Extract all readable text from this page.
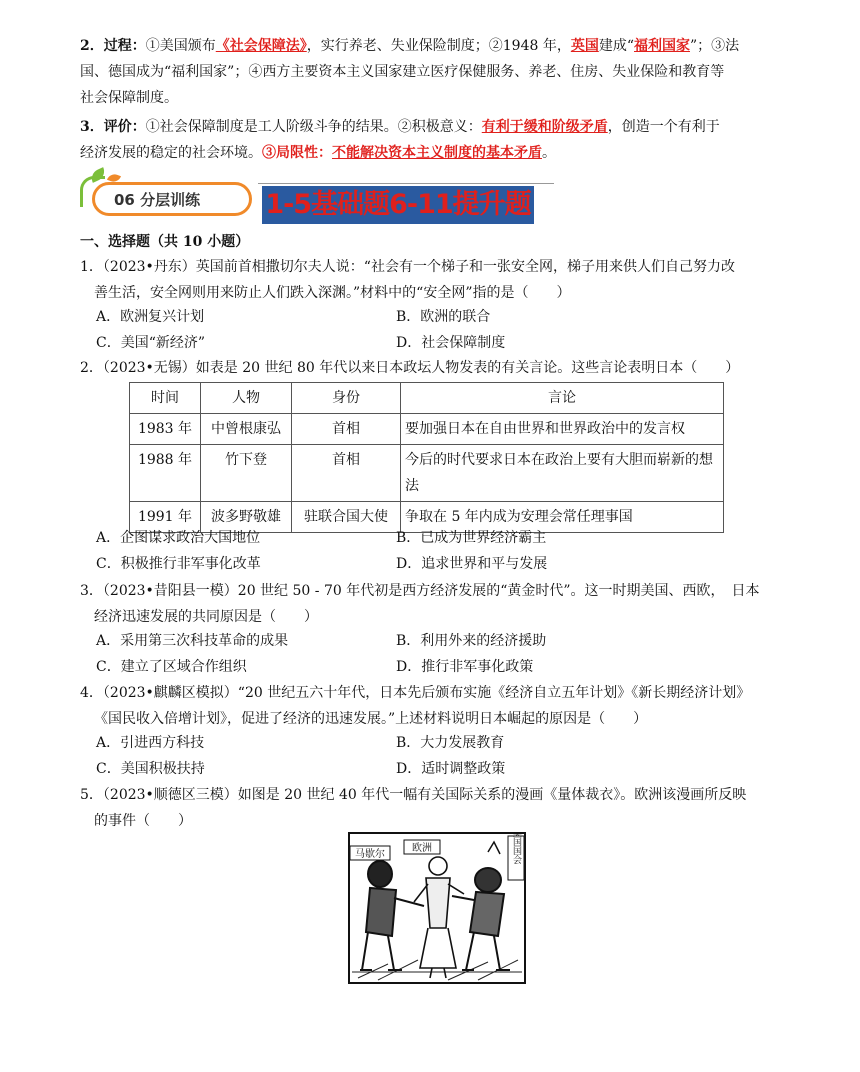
2．过程：①美国颁布《社会保障法》，实行养老、失业保险制度；②1948 年，英国建成“福利国家”；③法
国、德国成为“福利国家”；④西方主要资本主义国家建立医疗保健服务、养老、住房、失业保险和教育等
社会保障制度。
3．评价：①社会保障制度是工人阶级斗争的结果。②积极意义：有利于缓和阶级矛盾，创造一个有利于
经济发展的稳定的社会环境。③局限性：不能解决资本主义制度的基本矛盾。
06 分层训练 1-5基础题6-11提升题
一、选择题（共 10 小题）
1．（2023•丹东）英国前首相撒切尔夫人说：“社会有一个梯子和一张安全网，梯子用来供人们自己努力改
善生活，安全网则用来防止人们跌入深渊。”材料中的“安全网”指的是（　　）
A．欧洲复兴计划	B．欧洲的联合
C．美国“新经济”	D．社会保障制度
2．（2023•无锡）如表是 20 世纪 80 年代以来日本政坛人物发表的有关言论。这些言论表明日本（　　）
时间	人物	身份	言论
1983 年	中曾根康弘	首相	要加强日本在自由世界和世界政治中的发言权
1988 年	竹下登	首相	今后的时代要求日本在政治上要有大胆而崭新的想法
1991 年	波多野敬雄	驻联合国大使	争取在 5 年内成为安理会常任理事国
A．企图谋求政治大国地位	B．已成为世界经济霸主
C．积极推行非军事化改革	D．追求世界和平与发展
3．（2023•昔阳县一模）20 世纪 50 - 70 年代初是西方经济发展的“黄金时代”。这一时期美国、西欧，　日本
经济迅速发展的共同原因是（　　）
A．采用第三次科技革命的成果	B．利用外来的经济援助
C．建立了区域合作组织	D．推行非军事化政策
4．（2023•麒麟区模拟）“20 世纪五六十年代，日本先后颁布实施《经济自立五年计划》《新长期经济计划》
《国民收入倍增计划》，促进了经济的迅速发展。”上述材料说明日本崛起的原因是（　　）
A．引进西方科技	B．大力发展教育
C．美国积极扶持	D．适时调整政策
5．（2023•顺德区三模）如图是 20 世纪 40 年代一幅有关国际关系的漫画《量体裁衣》。欧洲该漫画所反映
的事件（　　）
马歇尔
欧洲	美国国会
